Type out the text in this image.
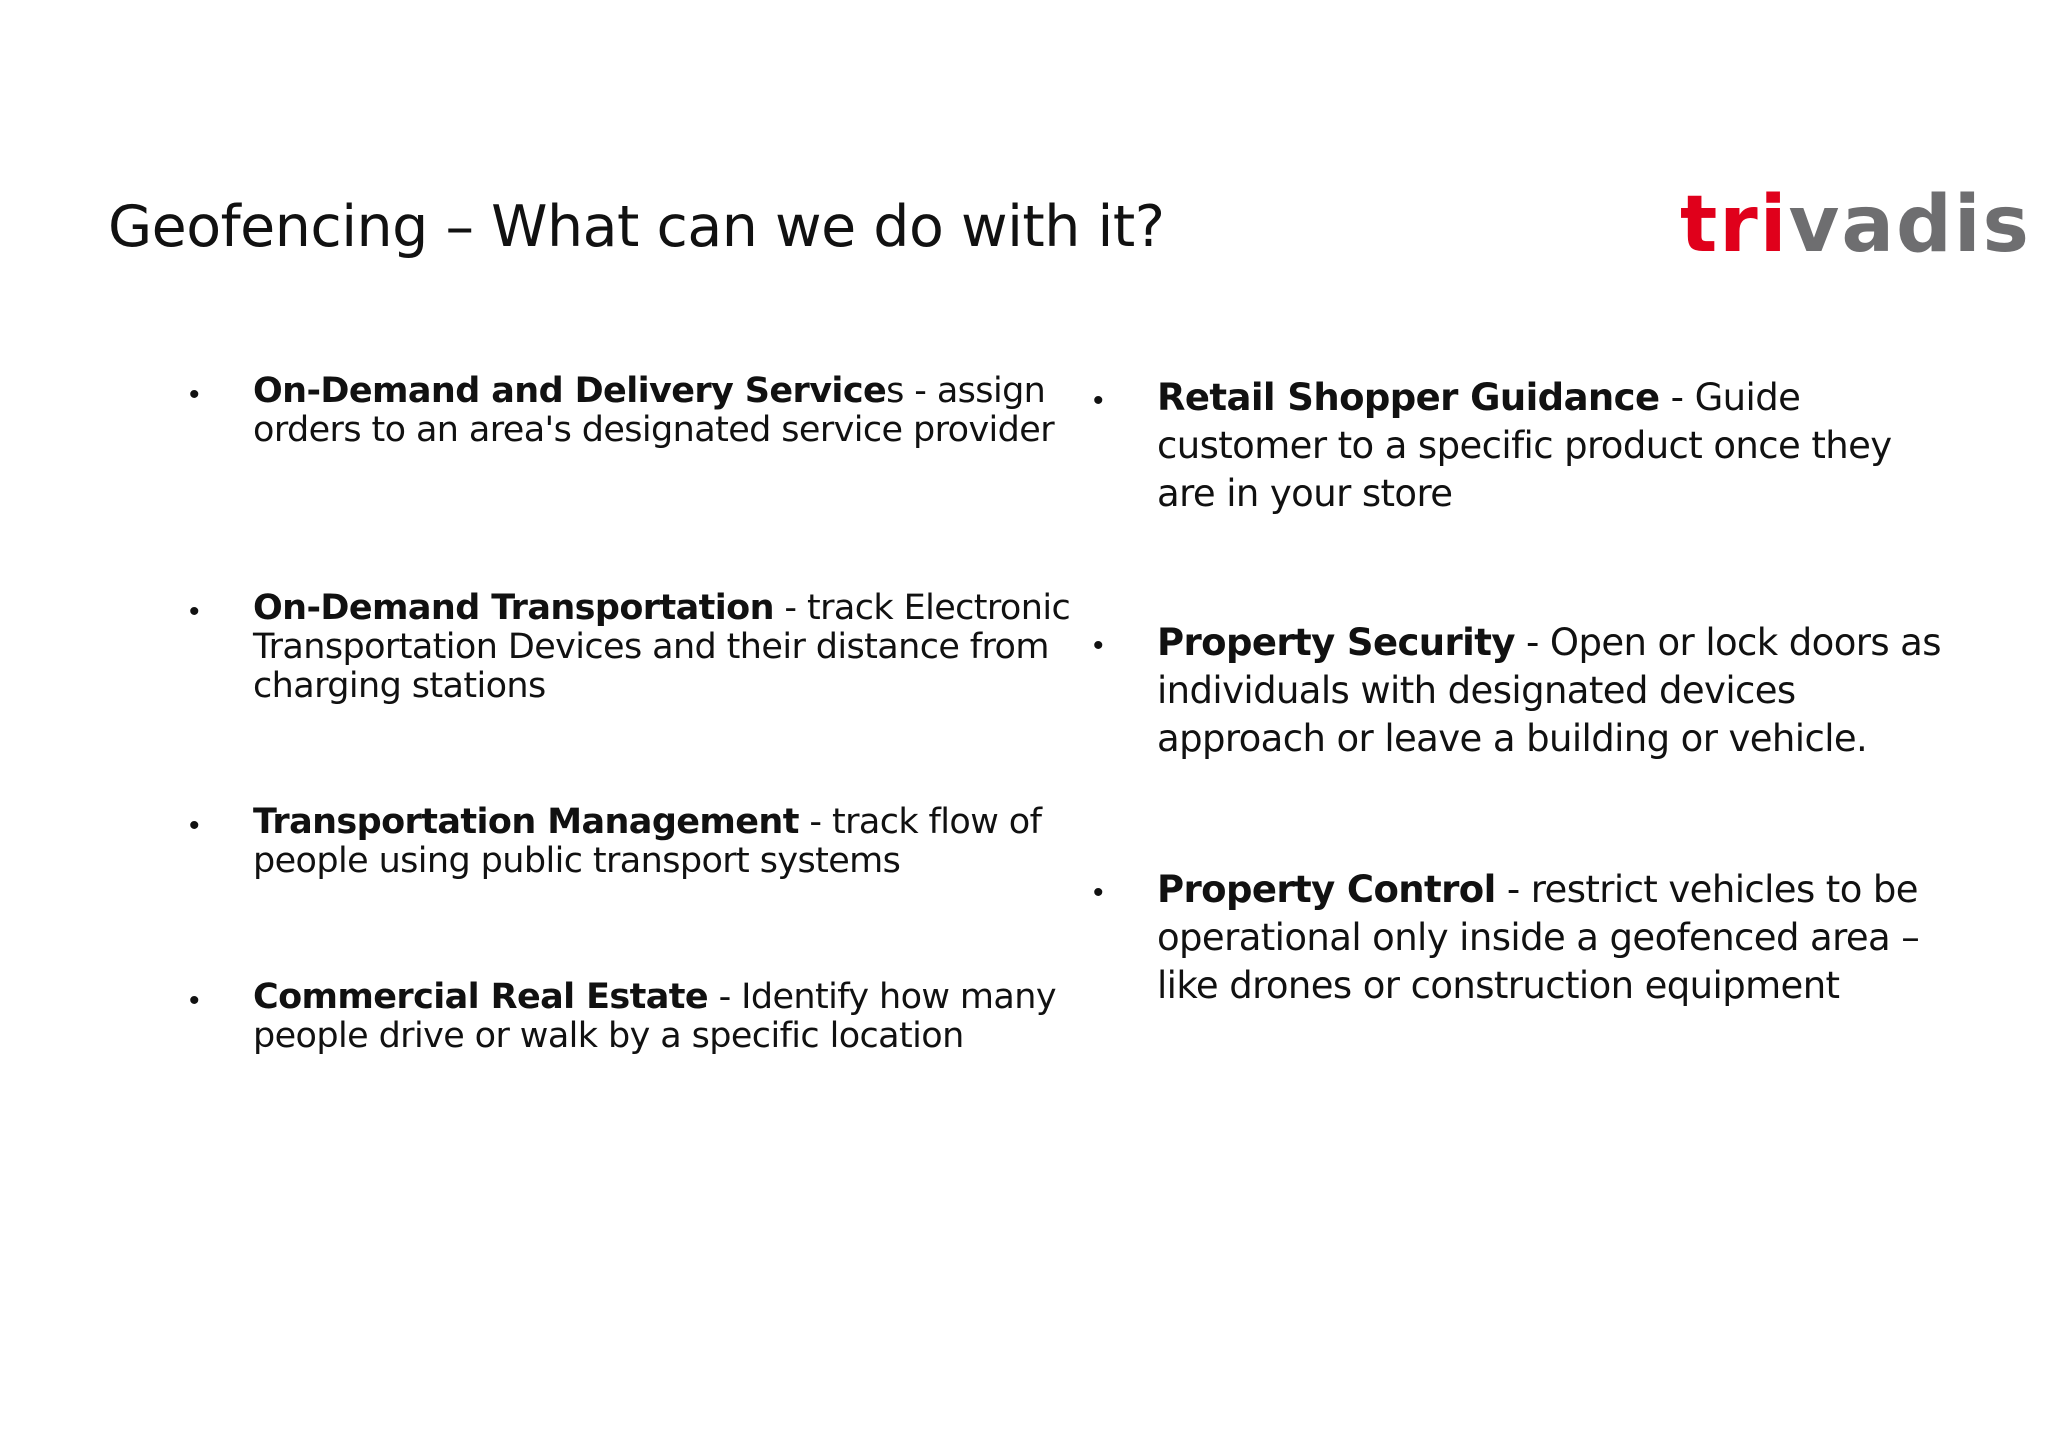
Geofencing – What can we do with it?	trivadis
•	On-Demand and Delivery Services - assign orders to an area's designated service provider

•	On-Demand Transportation - track Electronic Transportation Devices and their distance from charging stations

•	Transportation Management - track flow of people using public transport systems

•	Commercial Real Estate - Identify how many people drive or walk by a specific location

•	Retail Shopper Guidance - Guide customer to a specific product once they are in your store

•	Property Security - Open or lock doors as individuals with designated devices approach or leave a building or vehicle.

•	Property Control - restrict vehicles to be operational only inside a geofenced area – like drones or construction equipment
